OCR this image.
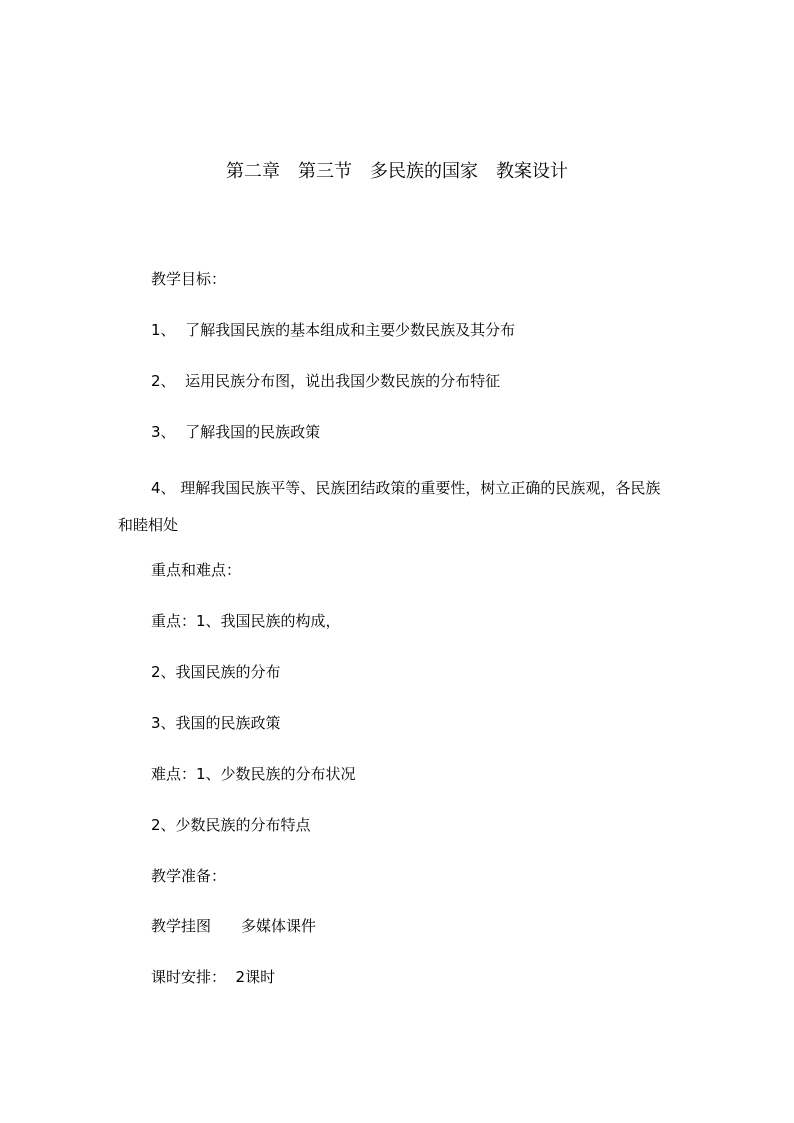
第二章　第三节　多民族的国家　教案设计
教学目标：
1、  了解我国民族的基本组成和主要少数民族及其分布
2、  运用民族分布图，说出我国少数民族的分布特征
3、  了解我国的民族政策
4、 理解我国民族平等、民族团结政策的重要性，树立正确的民族观，各民族和睦相处
重点和难点：
重点：1、我国民族的构成，
2、我国民族的分布
3、我国的民族政策
难点：1、少数民族的分布状况
2、少数民族的分布特点
教学准备：
教学挂图　　多媒体课件
课时安排：  2课时
